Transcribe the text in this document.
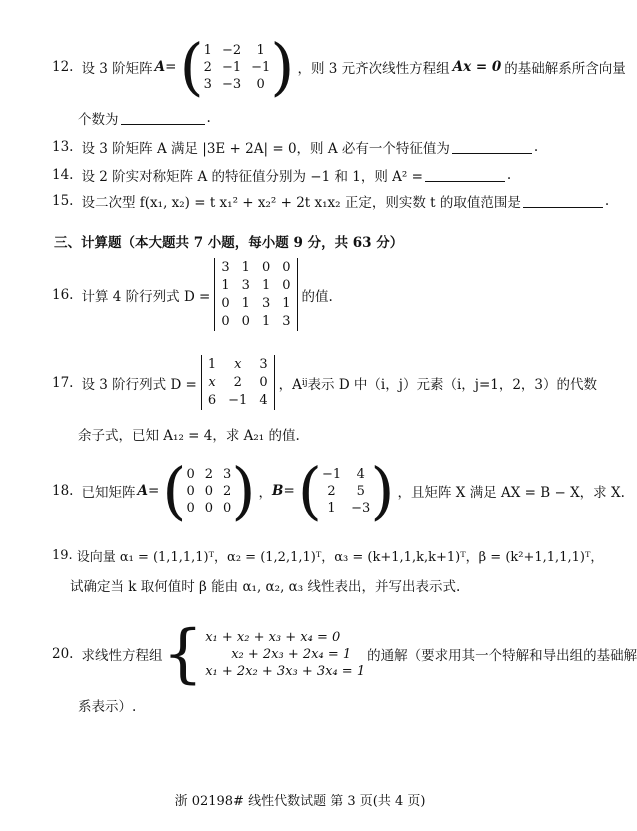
12. 设 3 阶矩阵 A = ( 1 −2	1
2 −1 −1
3 −3	0 ) ，则 3 元齐次线性方程组 Ax = 0 的基础解系所含向量
个数为	.
13. 设 3 阶矩阵 A 满足 |3E + 2A| = 0，则 A 必有一个特征值为	.
14. 设 2 阶实对称矩阵 A 的特征值分别为 −1 和 1，则 A² =	.
15. 设二次型 f(x₁, x₂) = t x₁² + x₂² + 2t x₁x₂ 正定，则实数 t 的取值范围是	.
三、计算题（本大题共 7 小题，每小题 9 分，共 63 分）
16. 计算 4 阶行列式 D =
3 1 0 0
1 3 1 0
0 1 3 1
0 0 1 3
的值.
17. 设 3 阶行列式 D =
1	x	3
x	2	0
6 −1 4
，A ij 表示 D 中（i，j）元素（i，j=1，2，3）的代数
余子式，已知 A₁₂ = 4，求 A₂₁ 的值.
18. 已知矩阵 A = ( 0 2 3
0 0 2
0 0 0 ) ， B = ( −1	4
2	5
1	−3 ) ，且矩阵 X 满足 AX = B − X，求 X.
19. 设向量 α₁ = (1,1,1,1)ᵀ，α₂ = (1,2,1,1)ᵀ，α₃ = (k+1,1,k,k+1)ᵀ，β = (k²+1,1,1,1)ᵀ，
试确定当 k 取何值时 β 能由 α₁, α₂, α₃ 线性表出，并写出表示式.
20. 求线性方程组 { x₁ + x₂ + x₃ + x₄ = 0
x₂ + 2x₃ + 2x₄ = 1
x₁ + 2x₂ + 3x₃ + 3x₄ = 1
的通解（要求用其一个特解和导出组的基础解
系表示）.
浙 02198# 线性代数试题 第 3 页(共 4 页)
